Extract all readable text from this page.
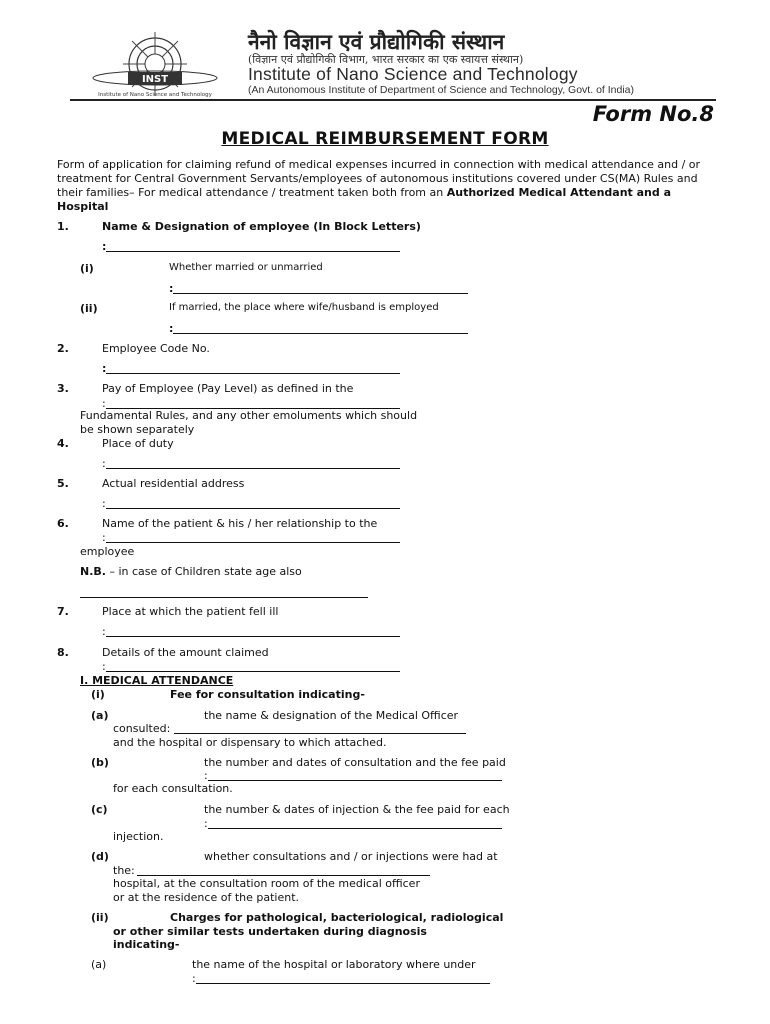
INST
Institute of Nano Science and Technology
नैनो विज्ञान एवं प्रौद्योगिकी संस्थान
(विज्ञान एवं प्रौद्योगिकी विभाग, भारत सरकार का एक स्वायत्त संस्थान)
Institute of Nano Science and Technology
(An Autonomous Institute of Department of Science and Technology, Govt. of India)
Form No.8
MEDICAL REIMBURSEMENT FORM
Form of application for claiming refund of medical expenses incurred in connection with medical attendance and / or treatment for Central Government Servants/employees of autonomous institutions covered under CS(MA) Rules and their families– For medical attendance / treatment taken both from an Authorized Medical Attendant and a Hospital
1.	Name & Designation of employee (In Block Letters)
:
(i)	Whether married or unmarried
:
(ii)	If married, the place where wife/husband is employed
:
2.	Employee Code No.
:
3.	Pay of Employee (Pay Level) as defined in the
:
Fundamental Rules, and any other emoluments which should
be shown separately
4.	Place of duty
:
5.	Actual residential address
:
6.	Name of the patient & his / her relationship to the
:
employee
N.B. – in case of Children state age also
7.	Place at which the patient fell ill
:
8.	Details of the amount claimed
:
I. MEDICAL ATTENDANCE
(i)	Fee for consultation indicating-
(a)	the name & designation of the Medical Officer
consulted:
and the hospital or dispensary to which attached.
(b)	the number and dates of consultation and the fee paid
:
for each consultation.
(c)	the number & dates of injection & the fee paid for each
:
injection.
(d)	whether consultations and / or injections were had at
the:
hospital, at the consultation room of the medical officer
or at the residence of the patient.
(ii)	Charges for pathological, bacteriological, radiological
or other similar tests undertaken during diagnosis
indicating-
(a)	the name of the hospital or laboratory where under
:
